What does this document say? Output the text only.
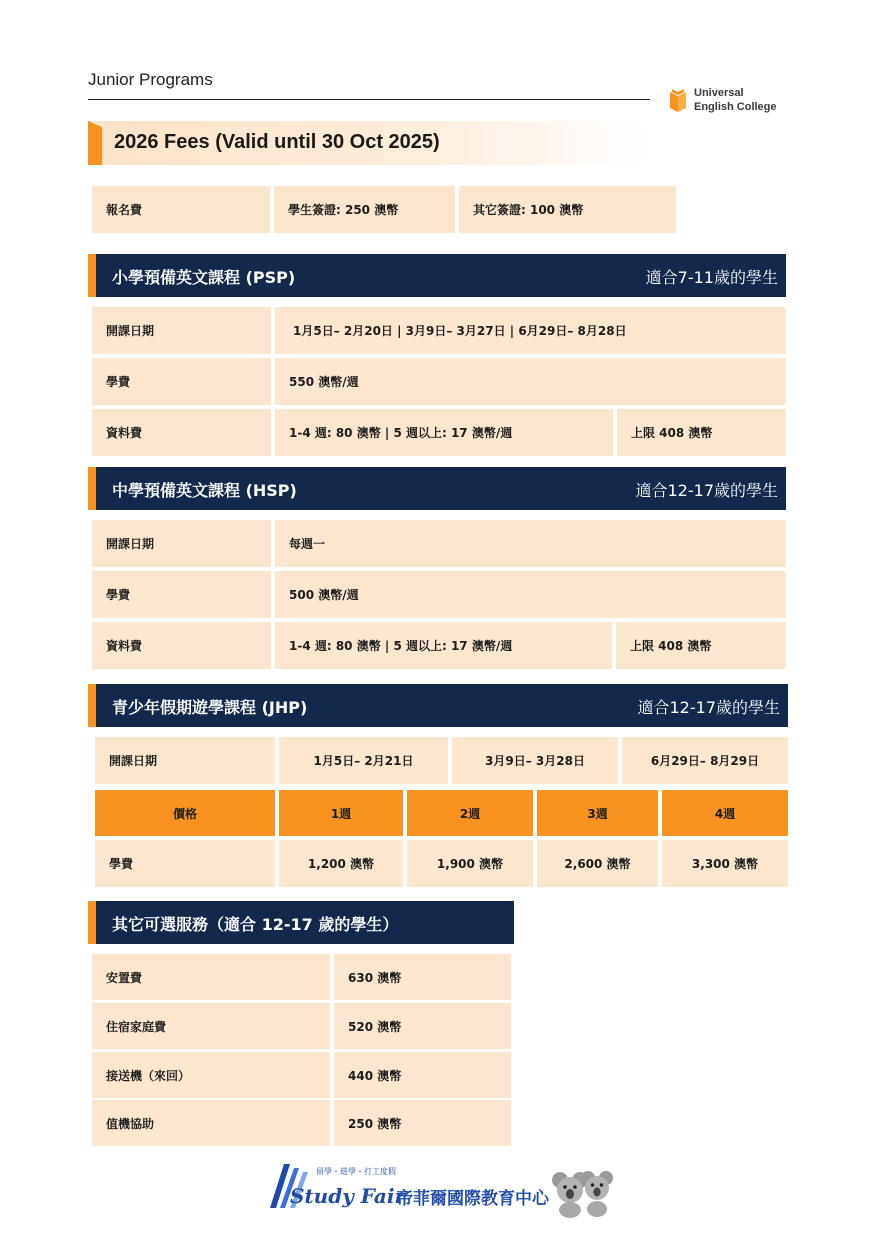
Junior Programs
Universal
English College
2026 Fees (Valid until 30 Oct 2025)
報名費	學生簽證: 250 澳幣	其它簽證: 100 澳幣
小學預備英文課程 (PSP)	適合7-11歲的學生
開課日期	1月5日– 2月20日 | 3月9日– 3月27日 | 6月29日– 8月28日
學費	550 澳幣/週
資料費	1-4 週: 80 澳幣 | 5 週以上: 17 澳幣/週	上限 408 澳幣
中學預備英文課程 (HSP)	適合12-17歲的學生
開課日期	每週一
學費	500 澳幣/週
資料費	1-4 週: 80 澳幣 | 5 週以上: 17 澳幣/週	上限 408 澳幣
青少年假期遊學課程 (JHP)	適合12-17歲的學生
開課日期	1月5日– 2月21日	3月9日– 3月28日	6月29日– 8月29日
價格	1週	2週	3週	4週
學費	1,200 澳幣	1,900 澳幣	2,600 澳幣	3,300 澳幣
其它可選服務（適合 12-17 歲的學生）
安置費	630 澳幣
住宿家庭費	520 澳幣
接送機（來回）	440 澳幣
值機協助	250 澳幣
留學・遊學・打工度假
Study Fair
帝菲爾國際教育中心
